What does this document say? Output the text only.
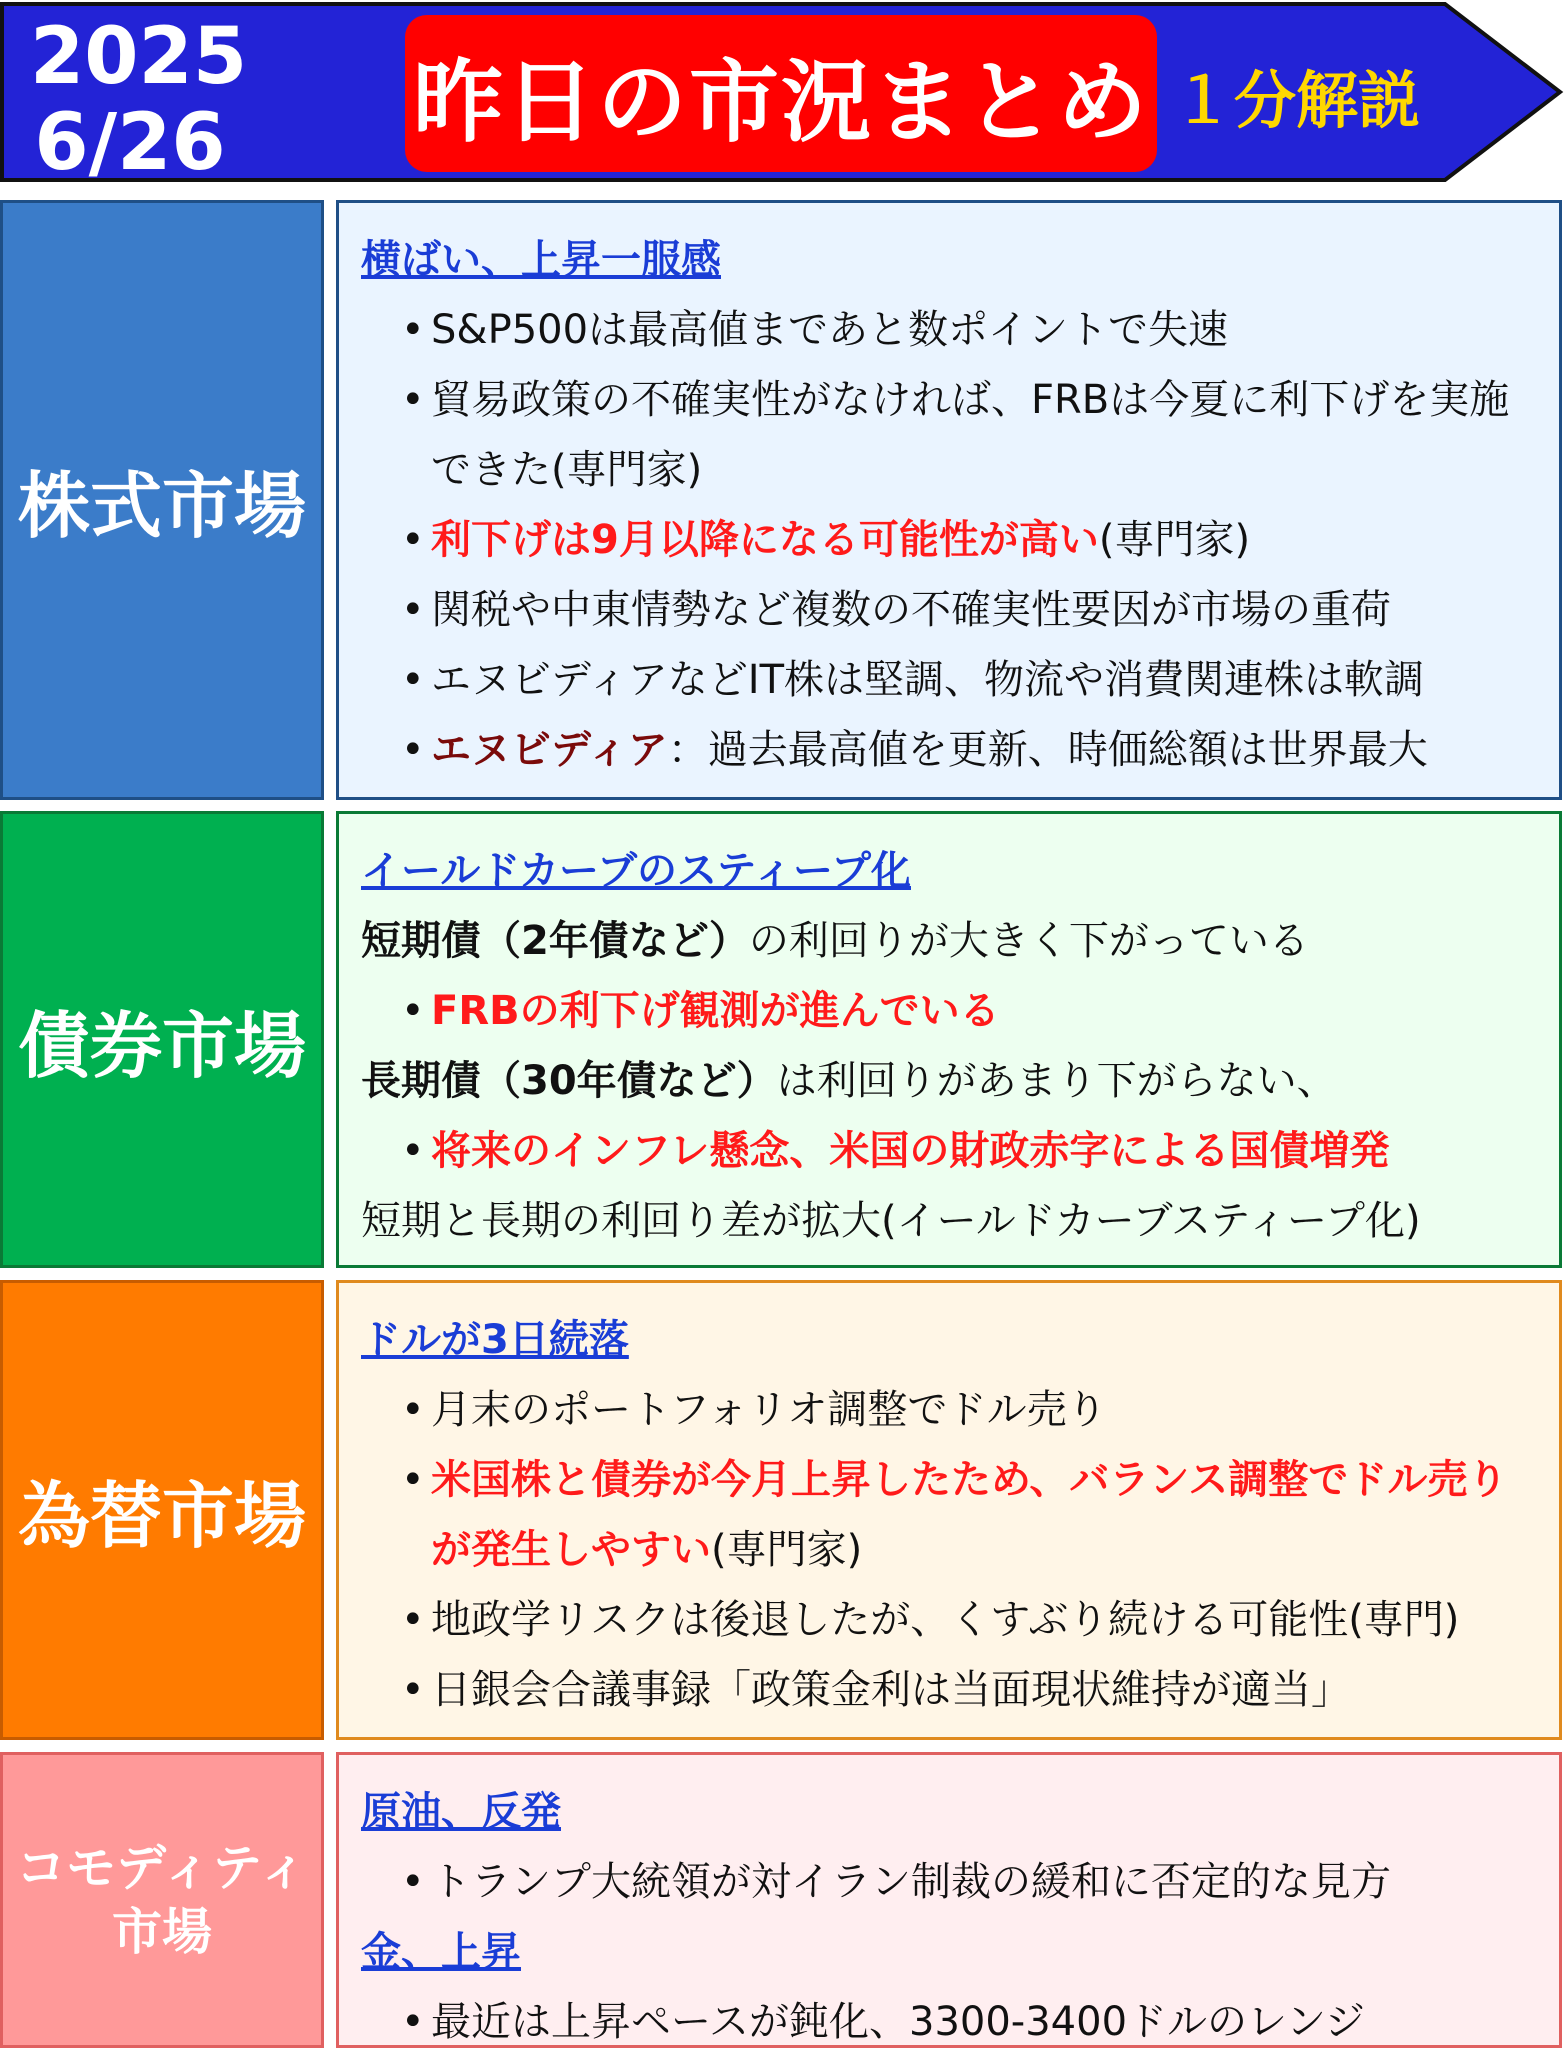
2025
6/26 昨日の市況まとめ １分解説
株式市場
横ばい、上昇一服感
• S&P500は最高値まであと数ポイントで失速
• 貿易政策の不確実性がなければ、FRBは今夏に利下げを実施できた(専門家)
• 利下げは9月以降になる可能性が高い(専門家)
• 関税や中東情勢など複数の不確実性要因が市場の重荷
• エヌビディアなどIT株は堅調、物流や消費関連株は軟調
• エヌビディア：過去最高値を更新、時価総額は世界最大
債券市場
イールドカーブのスティープ化
短期債（2年債など）の利回りが大きく下がっている
• FRBの利下げ観測が進んでいる
長期債（30年債など）は利回りがあまり下がらない、
• 将来のインフレ懸念、米国の財政赤字による国債増発
短期と長期の利回り差が拡大(イールドカーブスティープ化)
為替市場
ドルが3日続落
• 月末のポートフォリオ調整でドル売り
• 米国株と債券が今月上昇したため、バランス調整でドル売りが発生しやすい(専門家)
• 地政学リスクは後退したが、くすぶり続ける可能性(専門)
• 日銀会合議事録「政策金利は当面現状維持が適当」
コモディティ市場
原油、反発
• トランプ大統領が対イラン制裁の緩和に否定的な見方
金、上昇
• 最近は上昇ペースが鈍化、3300-3400ドルのレンジ
